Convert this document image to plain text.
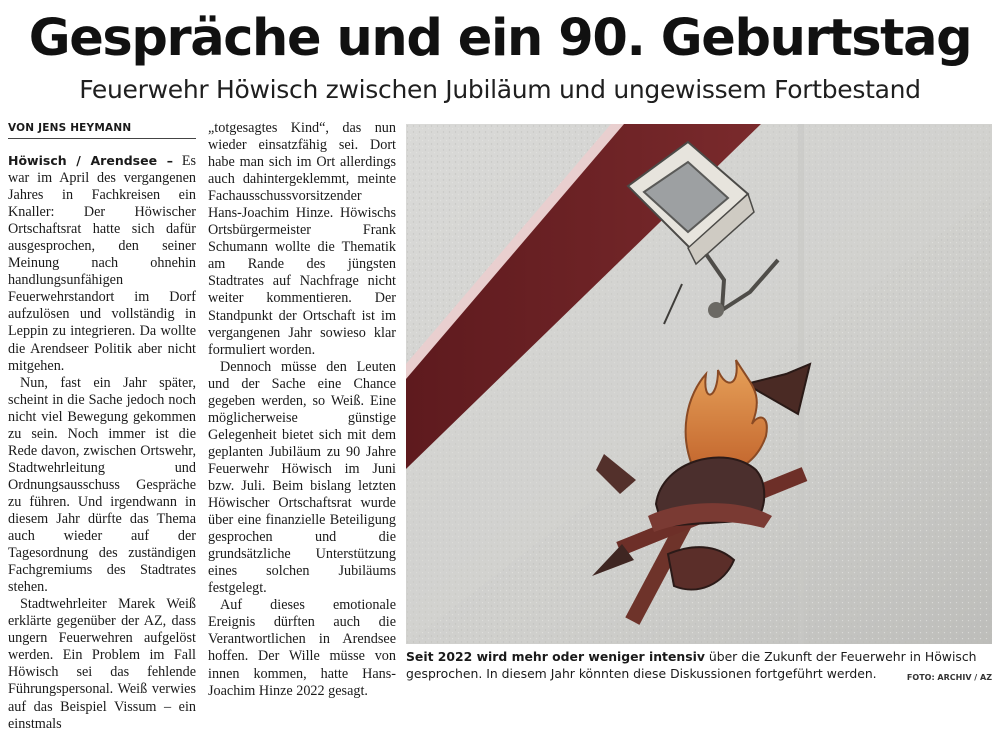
Gespräche und ein 90. Geburtstag
Feuerwehr Höwisch zwischen Jubiläum und ungewissem Fortbestand
VON JENS HEYMANN

Höwisch / Arendsee – Es war im April des vergangenen Jahres in Fachkreisen ein Knaller: Der Höwischer Ortschaftsrat hatte sich dafür ausgesprochen, den seiner Meinung nach ohnehin handlungsunfähigen Feuerwehrstandort im Dorf aufzulösen und vollständig in Leppin zu integrieren. Da wollte die Arendseer Politik aber nicht mitgehen.

Nun, fast ein Jahr später, scheint in die Sache jedoch noch nicht viel Bewegung gekommen zu sein. Noch immer ist die Rede davon, zwischen Ortswehr, Stadtwehrleitung und Ordnungsausschuss Gespräche zu führen. Und irgendwann in diesem Jahr dürfte das Thema auch wieder auf der Tagesordnung des zuständigen Fachgremiums des Stadtrates stehen.

Stadtwehrleiter Marek Weiß erklärte gegenüber der AZ, dass ungern Feuerwehren aufgelöst werden. Ein Problem im Fall Höwisch sei das fehlende Führungspersonal. Weiß verwies auf das Beispiel Vissum – ein einstmals

„totgesagtes Kind“, das nun wieder einsatzfähig sei. Dort habe man sich im Ort allerdings auch dahintergeklemmt, meinte Fachausschussvorsitzender Hans-Joachim Hinze. Höwischs Ortsbürgermeister Frank Schumann wollte die Thematik am Rande des jüngsten Stadtrates auf Nachfrage nicht weiter kommentieren. Der Standpunkt der Ortschaft ist im vergangenen Jahr sowieso klar formuliert worden.

Dennoch müsse den Leuten und der Sache eine Chance gegeben werden, so Weiß. Eine möglicherweise günstige Gelegenheit bietet sich mit dem geplanten Jubiläum zu 90 Jahre Feuerwehr Höwisch im Juni bzw. Juli. Beim bislang letzten Höwischer Ortschaftsrat wurde über eine finanzielle Beteiligung gesprochen und die grundsätzliche Unterstützung eines solchen Jubiläums festgelegt.

Auf dieses emotionale Ereignis dürften auch die Verantwortlichen in Arendsee hoffen. Der Wille müsse von innen kommen, hatte Hans-Joachim Hinze 2022 gesagt.

Seit 2022 wird mehr oder weniger intensiv über die Zukunft der Feuerwehr in Höwisch gesprochen. In diesem Jahr könnten diese Diskussionen fortgeführt werden.	FOTO: ARCHIV / AZ
